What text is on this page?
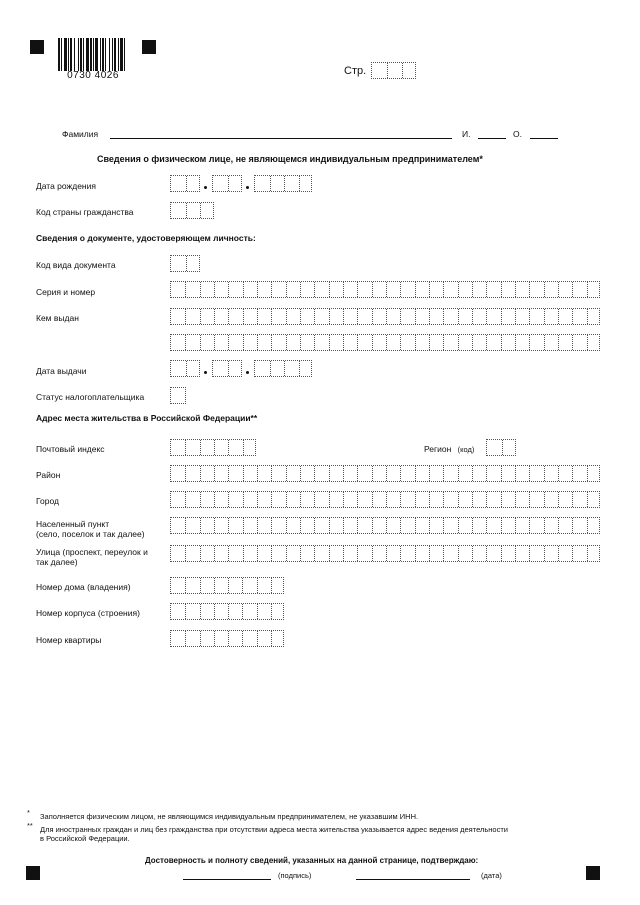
0730 4026	Стр.
Фамилия	И.	О.
Сведения о физическом лице, не являющемся индивидуальным предпринимателем*
Дата рождения
Код страны гражданства
Сведения о документе, удостоверяющем личность:
Код вида документа
Серия и номер
Кем выдан
Дата выдачи
Статус налогоплательщика
Адрес места жительства в Российской Федерации**
Почтовый индекс	Регион (код)
Район
Город
Населенный пункт
(село, поселок и так далее)
Улица (проспект, переулок и
так далее)
Номер дома (владения)
Номер корпуса (строения)
Номер квартиры
* Заполняется физическим лицом, не являющимся индивидуальным предпринимателем, не указавшим ИНН.
** Для иностранных граждан и лиц без гражданства при отсутствии адреса места жительства указывается адрес ведения деятельности
в Российской Федерации.
Достоверность и полноту сведений, указанных на данной странице, подтверждаю:
(подпись)	(дата)
